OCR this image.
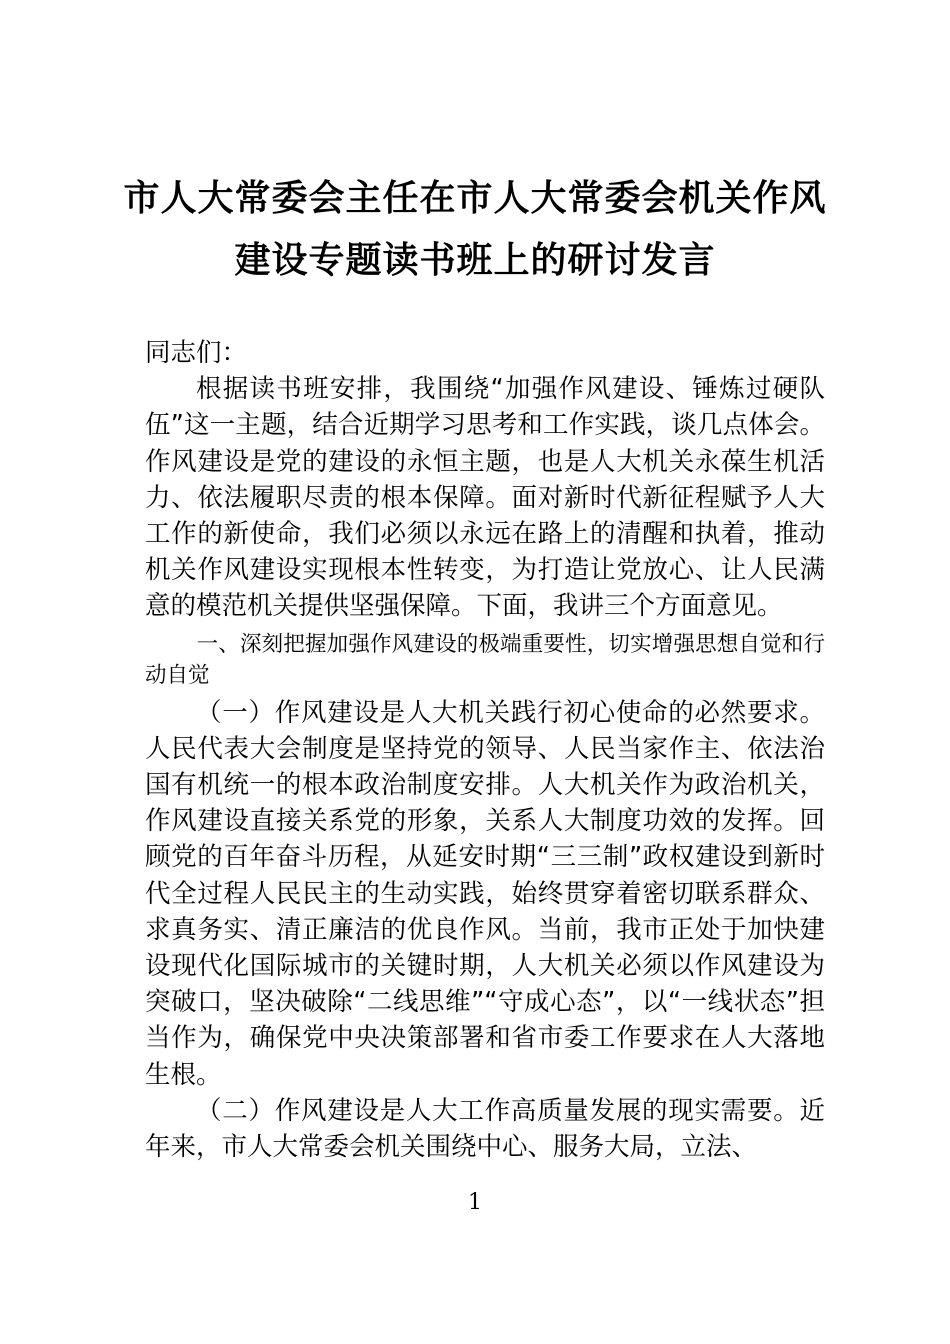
市人大常委会主任在市人大常委会机关作风建设专题读书班上的研讨发言

同志们：

根据读书班安排，我围绕“加强作风建设、锤炼过硬队伍”这一主题，结合近期学习思考和工作实践，谈几点体会。作风建设是党的建设的永恒主题，也是人大机关永葆生机活力、依法履职尽责的根本保障。面对新时代新征程赋予人大工作的新使命，我们必须以永远在路上的清醒和执着，推动机关作风建设实现根本性转变，为打造让党放心、让人民满意的模范机关提供坚强保障。下面，我讲三个方面意见。

一、深刻把握加强作风建设的极端重要性，切实增强思想自觉和行动自觉

（一）作风建设是人大机关践行初心使命的必然要求。人民代表大会制度是坚持党的领导、人民当家作主、依法治国有机统一的根本政治制度安排。人大机关作为政治机关，作风建设直接关系党的形象，关系人大制度功效的发挥。回顾党的百年奋斗历程，从延安时期“三三制”政权建设到新时代全过程人民民主的生动实践，始终贯穿着密切联系群众、求真务实、清正廉洁的优良作风。当前，我市正处于加快建设现代化国际城市的关键时期，人大机关必须以作风建设为突破口，坚决破除“二线思维”“守成心态”，以“一线状态”担当作为，确保党中央决策部署和省市委工作要求在人大落地生根。

（二）作风建设是人大工作高质量发展的现实需要。近年来，市人大常委会机关围绕中心、服务大局，立法、

1
